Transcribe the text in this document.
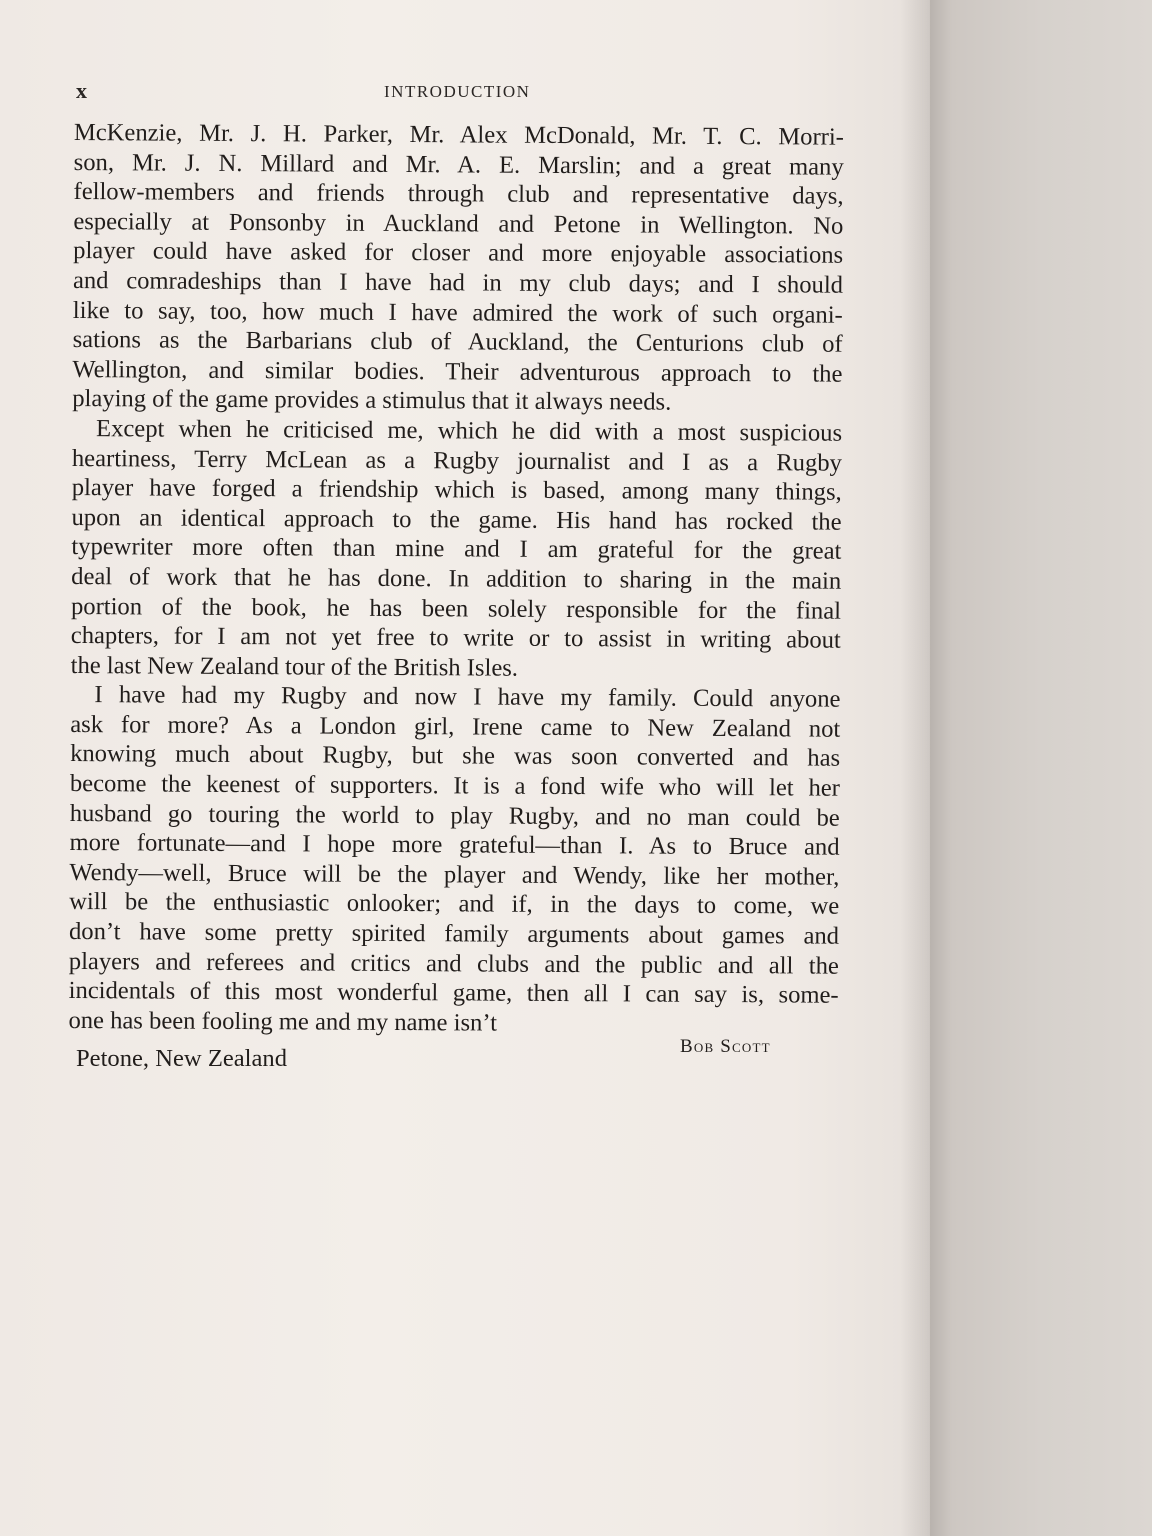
x	INTRODUCTION
McKenzie, Mr. J. H. Parker, Mr. Alex McDonald, Mr. T. C. Morri-
son, Mr. J. N. Millard and Mr. A. E. Marslin; and a great many
fellow-members and friends through club and representative days,
especially at Ponsonby in Auckland and Petone in Wellington. No
player could have asked for closer and more enjoyable associations
and comradeships than I have had in my club days; and I should
like to say, too, how much I have admired the work of such organi-
sations as the Barbarians club of Auckland, the Centurions club of
Wellington, and similar bodies. Their adventurous approach to the
playing of the game provides a stimulus that it always needs.
Except when he criticised me, which he did with a most suspicious
heartiness, Terry McLean as a Rugby journalist and I as a Rugby
player have forged a friendship which is based, among many things,
upon an identical approach to the game. His hand has rocked the
typewriter more often than mine and I am grateful for the great
deal of work that he has done. In addition to sharing in the main
portion of the book, he has been solely responsible for the final
chapters, for I am not yet free to write or to assist in writing about
the last New Zealand tour of the British Isles.
I have had my Rugby and now I have my family. Could anyone
ask for more? As a London girl, Irene came to New Zealand not
knowing much about Rugby, but she was soon converted and has
become the keenest of supporters. It is a fond wife who will let her
husband go touring the world to play Rugby, and no man could be
more fortunate—and I hope more grateful—than I. As to Bruce and
Wendy—well, Bruce will be the player and Wendy, like her mother,
will be the enthusiastic onlooker; and if, in the days to come, we
don’t have some pretty spirited family arguments about games and
players and referees and critics and clubs and the public and all the
incidentals of this most wonderful game, then all I can say is, some-
one has been fooling me and my name isn’t
Bob Scott
Petone, New Zealand
